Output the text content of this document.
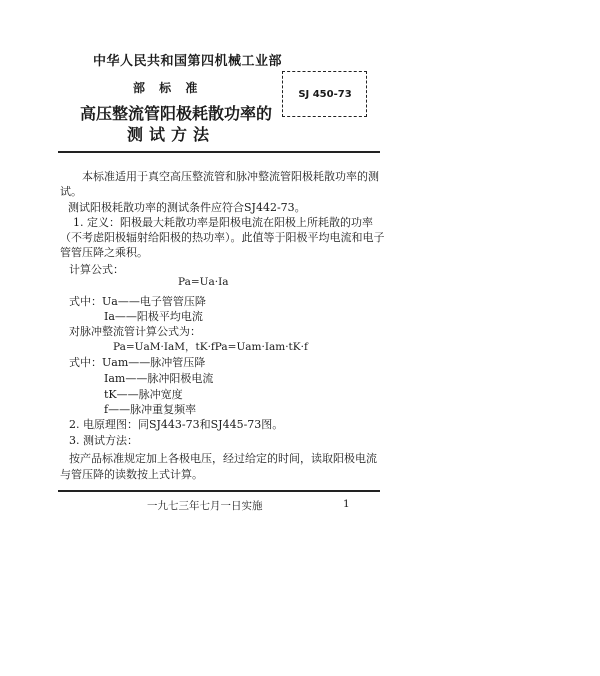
中华人民共和国第四机械工业部
部 标 准
高压整流管阳极耗散功率的
测试方法
SJ 450-73
本标准适用于真空高压整流管和脉冲整流管阳极耗散功率的测
试。
测试阳极耗散功率的测试条件应符合SJ442-73。
1. 定义：阳极最大耗散功率是阳极电流在阳极上所耗散的功率
（不考虑阳极辐射给阳极的热功率）。此值等于阳极平均电流和电子
管管压降之乘积。
计算公式：
Pa=Ua·Ia
式中：Ua——电子管管压降
Ia——阳极平均电流
对脉冲整流管计算公式为：
Pa=UaM·IaM，tK·fPa=Uam·Iam·tK·f
式中：Uam——脉冲管压降
Iam——脉冲阳极电流
tK——脉冲宽度
f——脉冲重复频率
2. 电原理图：同SJ443-73和SJ445-73图。
3. 测试方法：
按产品标准规定加上各极电压，经过给定的时间，读取阳极电流
与管压降的读数按上式计算。
一九七三年七月一日实施	1
